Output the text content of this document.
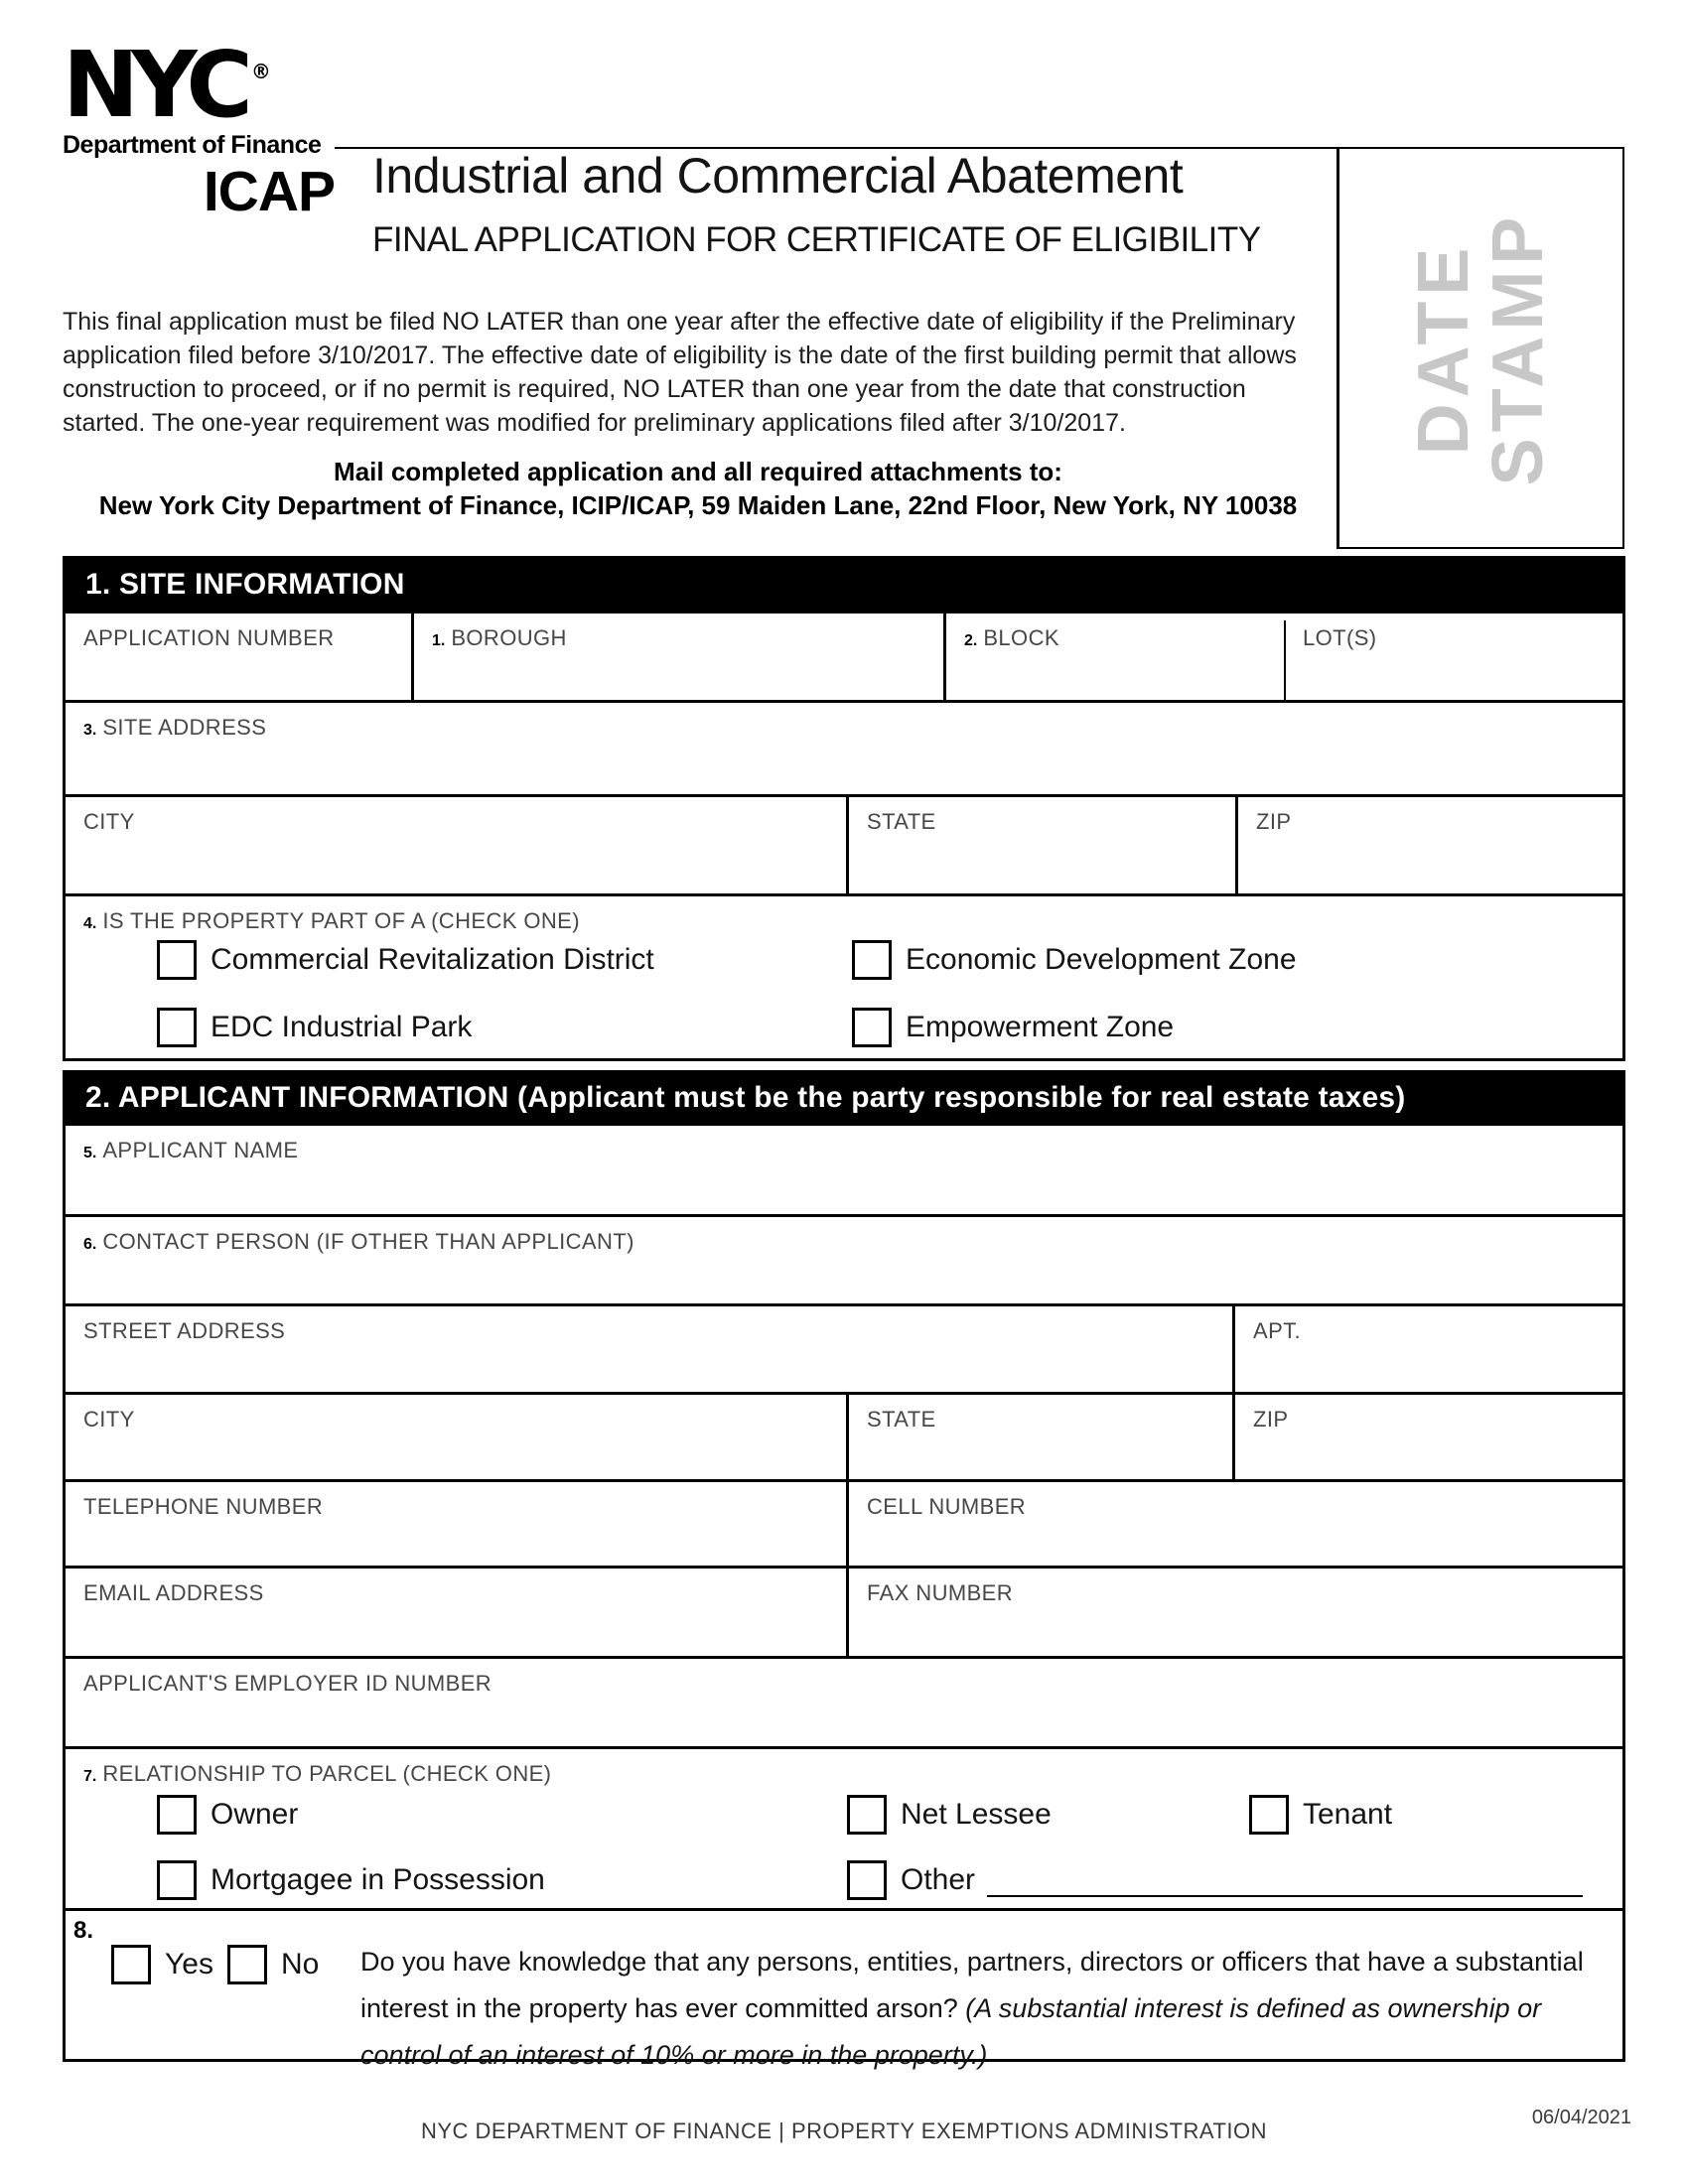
NYC ®
Department of Finance
DATE
STAMP
ICAP Industrial and Commercial Abatement
FINAL APPLICATION FOR CERTIFICATE OF ELIGIBILITY
This final application must be filed NO LATER than one year after the effective date of eligibility if the Preliminary
application filed before 3/10/2017. The effective date of eligibility is the date of the first building permit that allows
construction to proceed, or if no permit is required, NO LATER than one year from the date that construction
started. The one-year requirement was modified for preliminary applications filed after 3/10/2017.
Mail completed application and all required attachments to:
New York City Department of Finance, ICIP/ICAP, 59 Maiden Lane, 22nd Floor, New York, NY 10038
1. SITE INFORMATION
APPLICATION NUMBER	1. BOROUGH	2. BLOCK	LOT(S)
3. SITE ADDRESS
CITY	STATE	ZIP
4. IS THE PROPERTY PART OF A (CHECK ONE)
Commercial Revitalization District	Economic Development Zone
EDC Industrial Park	Empowerment Zone
2. APPLICANT INFORMATION (Applicant must be the party responsible for real estate taxes)
5. APPLICANT NAME
6. CONTACT PERSON (IF OTHER THAN APPLICANT)
STREET ADDRESS	APT.
CITY	STATE	ZIP
TELEPHONE NUMBER	CELL NUMBER
EMAIL ADDRESS	FAX NUMBER
APPLICANT'S EMPLOYER ID NUMBER
7. RELATIONSHIP TO PARCEL (CHECK ONE)
Owner	Net Lessee	Tenant
Mortgagee in Possession	Other
8.
Yes No Do you have knowledge that any persons, entities, partners, directors or officers that have a substantial
interest in the property has ever committed arson? (A substantial interest is defined as ownership or
control of an interest of 10% or more in the property.)
NYC DEPARTMENT OF FINANCE | PROPERTY EXEMPTIONS ADMINISTRATION
06/04/2021
